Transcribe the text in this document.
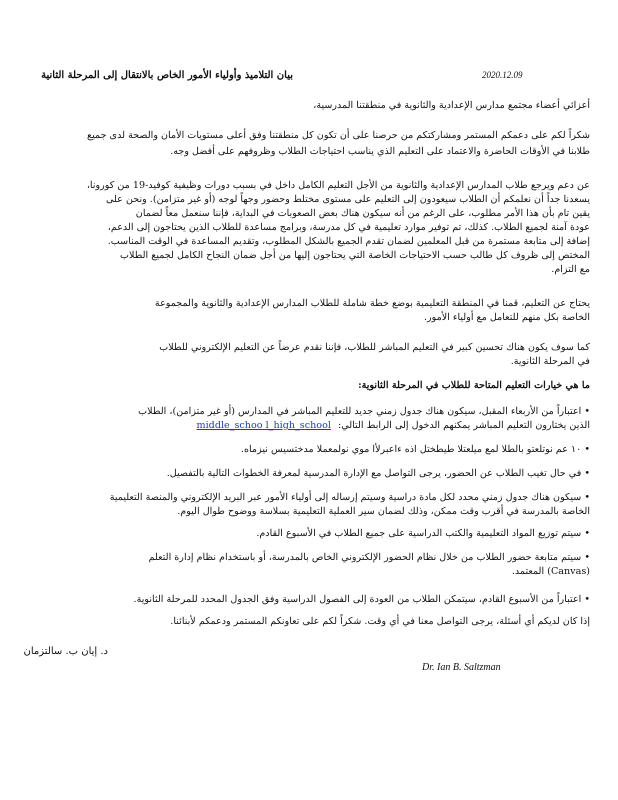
2020.12.09
بيان التلاميذ وأولياء الأمور الخاص بالانتقال إلى المرحلة الثانية
أعزائي أعضاء مجتمع مدارس الإعدادية والثانوية في منطقتنا المدرسية،
شكراً لكم على دعمكم المستمر ومشاركتكم من حرصنا على أن تكون كل منطقتنا وفق أعلى مستويات الأمان والصحة لدى جميع
طلابنا في الأوقات الحاضرة والاعتماد على التعليم الذي يناسب احتياجات الطلاب وظروفهم على أفضل وجه.
عن دعم ويرجع طلاب المدارس الإعدادية والثانوية من الأجل التعليم الكامل داخل في بسبب دورات وظيفية كوفيد-19 من كورونا،
يسعدنا جداً أن نعلمكم أن الطلاب سيعودون إلى التعليم على مستوى مختلط وحضور وجهاً لوجه (أو غير متزامن). ونحن على
يقين تام بأن هذا الأمر مطلوب، على الرغم من أنه سيكون هناك بعض الصعوبات في البداية، فإننا سنعمل معاً لضمان
عودة آمنة لجميع الطلاب. كذلك، تم توفير موارد تعليمية في كل مدرسة، وبرامج مساعدة للطلاب الذين يحتاجون إلى الدعم،
إضافة إلى متابعة مستمرة من قبل المعلمين لضمان تقدم الجميع بالشكل المطلوب، وتقديم المساعدة في الوقت المناسب.
المختص إلى ظروف كل طالب حسب الاحتياجات الخاصة التي يحتاجون إليها من أجل ضمان النجاح الكامل لجميع الطلاب
مع التزام.
يحتاج عن التعليم، قمنا في المنطقة التعليمية بوضع خطة شاملة للطلاب المدارس الإعدادية والثانوية والمجموعة
الخاصة بكل منهم للتعامل مع أولياء الأمور.
كما سوف يكون هناك تحسين كبير في التعليم المباشر للطلاب، فإننا نقدم عرضاً عن التعليم الإلكتروني للطلاب
في المرحلة الثانوية.
ما هي خيارات التعليم المتاحة للطلاب في المرحلة الثانوية:
• اعتباراً من الأربعاء المقبل، سيكون هناك جدول زمني جديد للتعليم المباشر في المدارس (أو غير متزامن)، الطلاب
الذين يختارون التعليم المباشر يمكنهم الدخول إلى الرابط التالي: middle_schoo l_high_school
• ١٠ عم نوتلعتو بالطلا لمع ميلعتلا طيطختل اذه ءاعبرلأا موي نولمعملا مدختسيس نيزماه.
• في حال تغيب الطلاب عن الحضور، يرجى التواصل مع الإدارة المدرسية لمعرفة الخطوات التالية بالتفصيل.
• سيكون هناك جدول زمني محدد لكل مادة دراسية وسيتم إرساله إلى أولياء الأمور عبر البريد الإلكتروني والمنصة التعليمية
الخاصة بالمدرسة في أقرب وقت ممكن، وذلك لضمان سير العملية التعليمية بسلاسة ووضوح طوال اليوم.
• سيتم توزيع المواد التعليمية والكتب الدراسية على جميع الطلاب في الأسبوع القادم.
• سيتم متابعة حضور الطلاب من خلال نظام الحضور الإلكتروني الخاص بالمدرسة، أو باستخدام نظام إدارة التعلم
(Canvas) المعتمد.
• اعتباراً من الأسبوع القادم، سيتمكن الطلاب من العودة إلى الفصول الدراسية وفق الجدول المحدد للمرحلة الثانوية.
إذا كان لديكم أي أسئلة، يرجى التواصل معنا في أي وقت. شكراً لكم على تعاونكم المستمر ودعمكم لأبنائنا.
د. إيان ب. سالتزمان
Dr. Ian B. Saltzman
